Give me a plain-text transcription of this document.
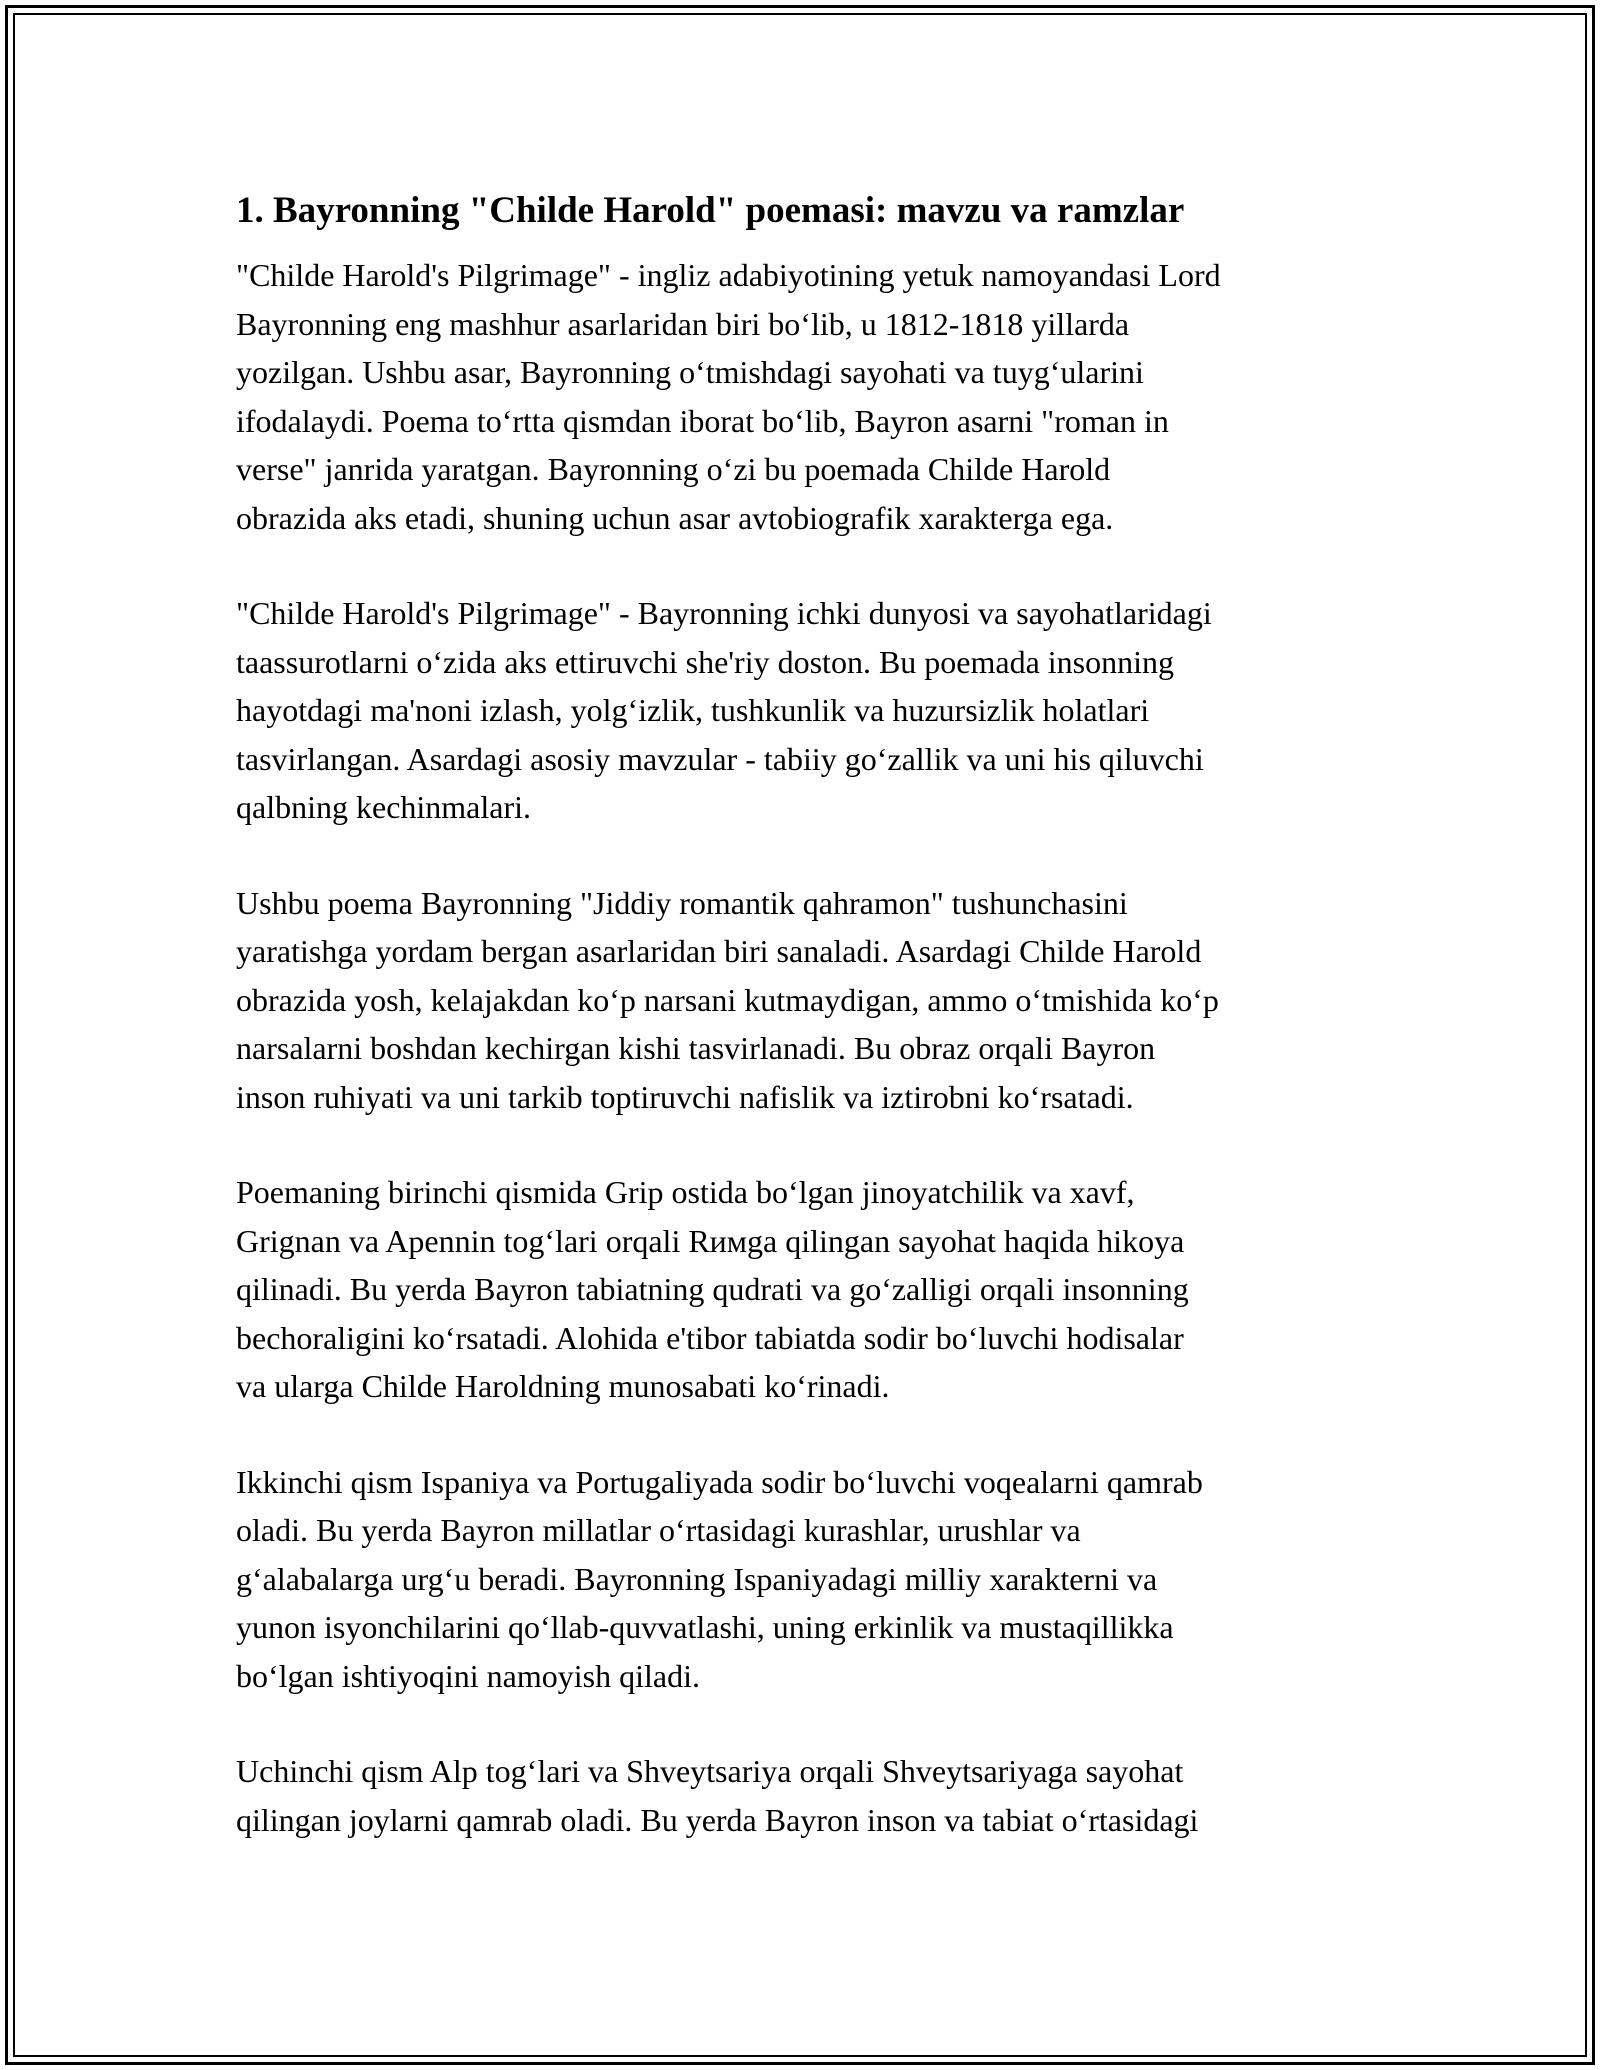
1. Bayronning "Childe Harold" poemasi: mavzu va ramzlar

"Childe Harold's Pilgrimage" - ingliz adabiyotining yetuk namoyandasi Lord
Bayronning eng mashhur asarlaridan biri boʻlib, u 1812-1818 yillarda
yozilgan. Ushbu asar, Bayronning oʻtmishdagi sayohati va tuygʻularini
ifodalaydi. Poema toʻrtta qismdan iborat boʻlib, Bayron asarni "roman in
verse" janrida yaratgan. Bayronning oʻzi bu poemada Childe Harold
obrazida aks etadi, shuning uchun asar avtobiografik xarakterga ega.

"Childe Harold's Pilgrimage" - Bayronning ichki dunyosi va sayohatlaridagi
taassurotlarni oʻzida aks ettiruvchi she'riy doston. Bu poemada insonning
hayotdagi ma'noni izlash, yolgʻizlik, tushkunlik va huzursizlik holatlari
tasvirlangan. Asardagi asosiy mavzular - tabiiy goʻzallik va uni his qiluvchi
qalbning kechinmalari.

Ushbu poema Bayronning "Jiddiy romantik qahramon" tushunchasini
yaratishga yordam bergan asarlaridan biri sanaladi. Asardagi Childe Harold
obrazida yosh, kelajakdan koʻp narsani kutmaydigan, ammo oʻtmishida koʻp
narsalarni boshdan kechirgan kishi tasvirlanadi. Bu obraz orqali Bayron
inson ruhiyati va uni tarkib toptiruvchi nafislik va iztirobni koʻrsatadi.

Poemaning birinchi qismida Grip ostida boʻlgan jinoyatchilik va xavf,
Grignan va Apennin togʻlari orqali Rимga qilingan sayohat haqida hikoya
qilinadi. Bu yerda Bayron tabiatning qudrati va goʻzalligi orqali insonning
bechoraligini koʻrsatadi. Alohida e'tibor tabiatda sodir boʻluvchi hodisalar
va ularga Childe Haroldning munosabati koʻrinadi.

Ikkinchi qism Ispaniya va Portugaliyada sodir boʻluvchi voqealarni qamrab
oladi. Bu yerda Bayron millatlar oʻrtasidagi kurashlar, urushlar va
gʻalabalarga urgʻu beradi. Bayronning Ispaniyadagi milliy xarakterni va
yunon isyonchilarini qoʻllab-quvvatlashi, uning erkinlik va mustaqillikka
boʻlgan ishtiyoqini namoyish qiladi.

Uchinchi qism Alp togʻlari va Shveytsariya orqali Shveytsariyaga sayohat
qilingan joylarni qamrab oladi. Bu yerda Bayron inson va tabiat oʻrtasidagi
